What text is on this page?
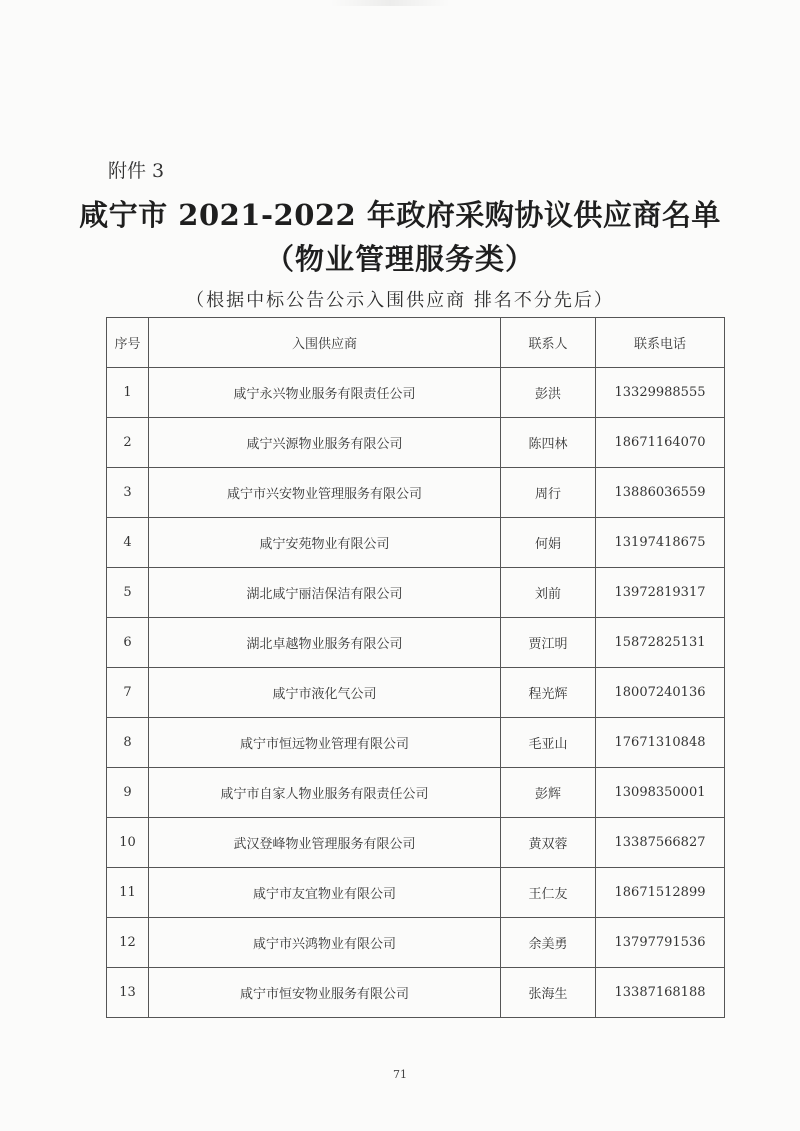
附件 3
咸宁市 2021-2022 年政府采购协议供应商名单
（物业管理服务类）
（根据中标公告公示入围供应商 排名不分先后）
序号	入围供应商	联系人	联系电话
1	咸宁永兴物业服务有限责任公司	彭洪	13329988555
2	咸宁兴源物业服务有限公司	陈四林	18671164070
3	咸宁市兴安物业管理服务有限公司	周行	13886036559
4	咸宁安苑物业有限公司	何娟	13197418675
5	湖北咸宁丽洁保洁有限公司	刘前	13972819317
6	湖北卓越物业服务有限公司	贾江明	15872825131
7	咸宁市液化气公司	程光辉	18007240136
8	咸宁市恒远物业管理有限公司	毛亚山	17671310848
9	咸宁市自家人物业服务有限责任公司	彭辉	13098350001
10	武汉登峰物业管理服务有限公司	黄双蓉	13387566827
11	咸宁市友宜物业有限公司	王仁友	18671512899
12	咸宁市兴鸿物业有限公司	余美勇	13797791536
13	咸宁市恒安物业服务有限公司	张海生	13387168188
71
